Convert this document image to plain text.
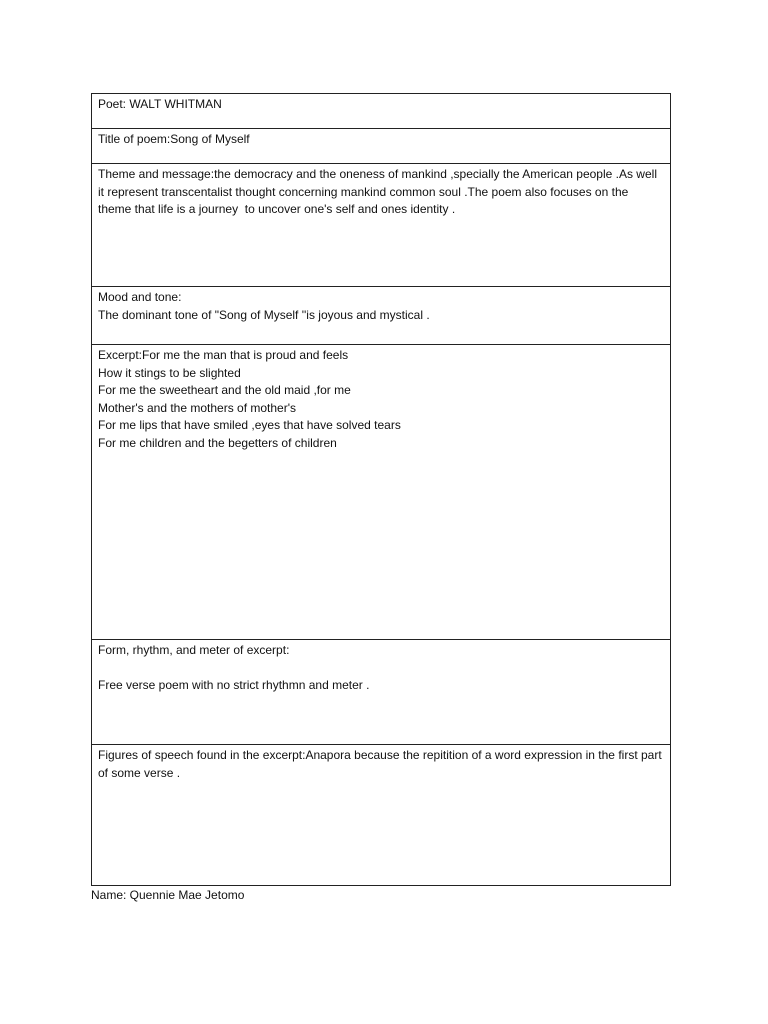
Poet: WALT WHITMAN
Title of poem:Song of Myself
Theme and message:the democracy and the oneness of mankind ,specially the American people .As well it represent transcentalist thought concerning mankind common soul .The poem also focuses on the theme that life is a journey  to uncover one's self and ones identity .
Mood and tone:
The dominant tone of "Song of Myself ''is joyous and mystical .
Excerpt:For me the man that is proud and feels
How it stings to be slighted
For me the sweetheart and the old maid ,for me
Mother's and the mothers of mother's
For me lips that have smiled ,eyes that have solved tears
For me children and the begetters of children
Form, rhythm, and meter of excerpt:
Free verse poem with no strict rhythmn and meter .
Figures of speech found in the excerpt:Anapora because the repitition of a word expression in the first part of some verse .
Name: Quennie Mae Jetomo
